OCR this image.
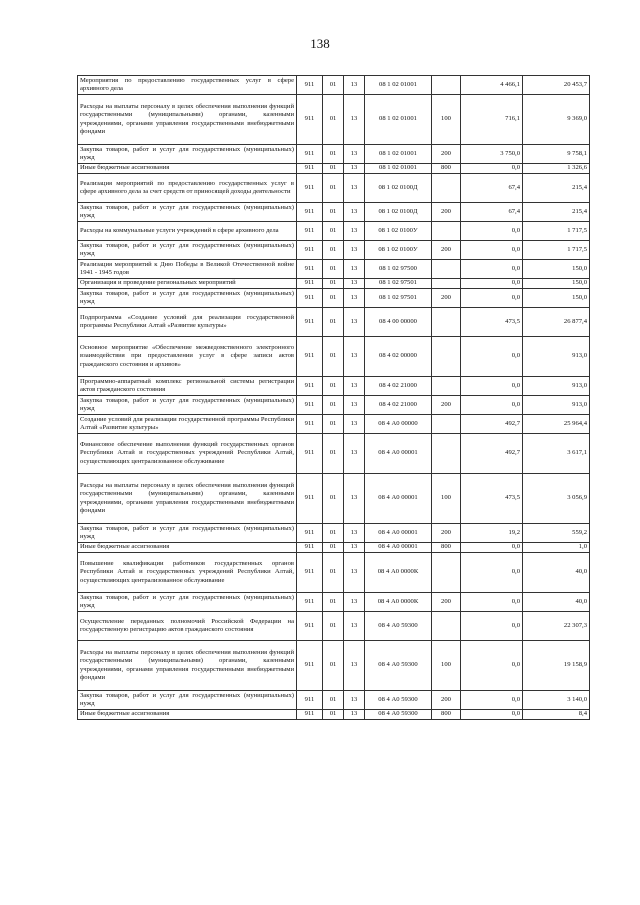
138
Мероприятия по предоставлению государственных услуг в сфере архивного дела	911	01	13	08 1 02 01001		4 466,1	20 453,7
Расходы на выплаты персоналу в целях обеспечения выполнения функций государственными (муниципальными) органами, казенными учреждениями, органами управления государственными внебюджетными фондами	911	01	13	08 1 02 01001	100	716,1	9 369,0
Закупка товаров, работ и услуг для государственных (муниципальных) нужд	911	01	13	08 1 02 01001	200	3 750,0	9 758,1
Иные бюджетные ассигнования	911	01	13	08 1 02 01001	800	0,0	1 326,6
Реализация мероприятий по предоставлению государственных услуг в сфере архивного дела за счет средств от приносящей доходы деятельности	911	01	13	08 1 02 0100Д		67,4	215,4
Закупка товаров, работ и услуг для государственных (муниципальных) нужд	911	01	13	08 1 02 0100Д	200	67,4	215,4
Расходы на коммунальные услуги учреждений в сфере архивного дела	911	01	13	08 1 02 0100У		0,0	1 717,5
Закупка товаров, работ и услуг для государственных (муниципальных) нужд	911	01	13	08 1 02 0100У	200	0,0	1 717,5
Реализация мероприятий к Дню Победы в Великой Отечественной войне 1941 - 1945 годов	911	01	13	08 1 02 97500		0,0	150,0
Организация и проведение региональных мероприятий	911	01	13	08 1 02 97501		0,0	150,0
Закупка товаров, работ и услуг для государственных (муниципальных) нужд	911	01	13	08 1 02 97501	200	0,0	150,0
Подпрограмма «Создание условий для реализации государственной программы Республики Алтай «Развитие культуры»	911	01	13	08 4 00 00000		473,5	26 877,4
Основное мероприятие «Обеспечение межведомственного электронного взаимодействия при предоставлении услуг в сфере записи актов гражданского состояния и архивов»	911	01	13	08 4 02 00000		0,0	913,0
Программно-аппаратный комплекс региональной системы регистрации актов гражданского состояния	911	01	13	08 4 02 21000		0,0	913,0
Закупка товаров, работ и услуг для государственных (муниципальных) нужд	911	01	13	08 4 02 21000	200	0,0	913,0
Создание условий для реализации государственной программы Республики Алтай «Развитие культуры»	911	01	13	08 4 А0 00000		492,7	25 964,4
Финансовое обеспечение выполнения функций государственных органов Республики Алтай и государственных учреждений Республики Алтай, осуществляющих централизованное обслуживание	911	01	13	08 4 А0 00001		492,7	3 617,1
Расходы на выплаты персоналу в целях обеспечения выполнения функций государственными (муниципальными) органами, казенными учреждениями, органами управления государственными внебюджетными фондами	911	01	13	08 4 А0 00001	100	473,5	3 056,9
Закупка товаров, работ и услуг для государственных (муниципальных) нужд	911	01	13	08 4 А0 00001	200	19,2	559,2
Иные бюджетные ассигнования	911	01	13	08 4 А0 00001	800	0,0	1,0
Повышение квалификации работников государственных органов Республики Алтай и государственных учреждений Республики Алтай, осуществляющих централизованное обслуживание	911	01	13	08 4 А0 0000К		0,0	40,0
Закупка товаров, работ и услуг для государственных (муниципальных) нужд	911	01	13	08 4 А0 0000К	200	0,0	40,0
Осуществление переданных полномочий Российской Федерации на государственную регистрацию актов гражданского состояния	911	01	13	08 4 А0 59300		0,0	22 307,3
Расходы на выплаты персоналу в целях обеспечения выполнения функций государственными (муниципальными) органами, казенными учреждениями, органами управления государственными внебюджетными фондами	911	01	13	08 4 А0 59300	100	0,0	19 158,9
Закупка товаров, работ и услуг для государственных (муниципальных) нужд	911	01	13	08 4 А0 59300	200	0,0	3 140,0
Иные бюджетные ассигнования	911	01	13	08 4 А0 59300	800	0,0	8,4
